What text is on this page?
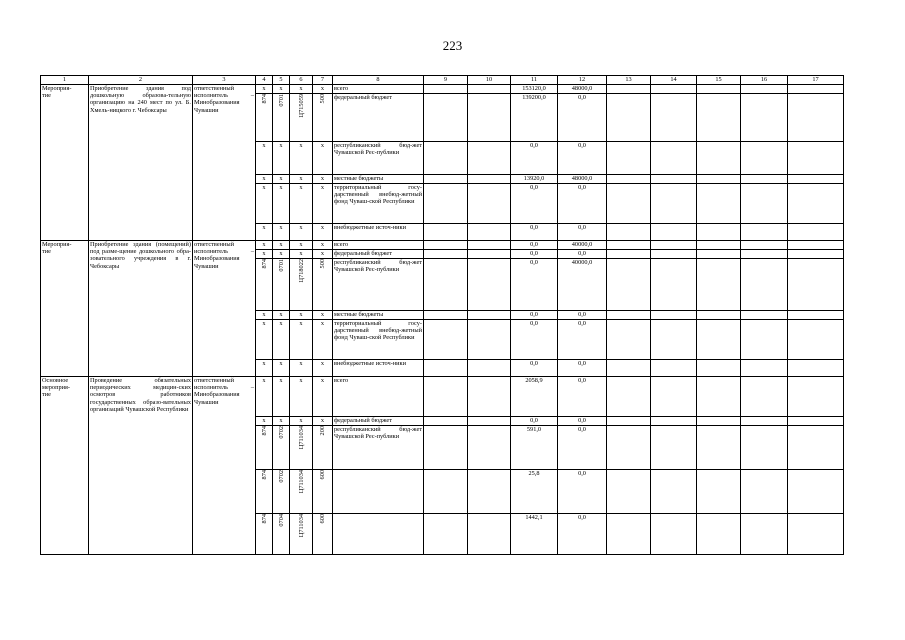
223
1	2	3	4	5	6	7	8	9	10	11	12	13	14	15	16	17
Мероприя-
тие	Приобретение здания под дошкольную образова-тельную организацию на 240 мест по ул. Б. Хмель-ницкого г. Чебоксары	ответственный исполнитель – Минобразования Чувашии	x	x	x	x	всего			153120,0	48000,0					

			874	0701	Ц715059	500	федеральный бюджет			139200,0	0,0					
			x	x	x	x	республиканский бюд-жет Чувашской Рес-публики			0,0	0,0					
			x	x	x	x	местные бюджеты			13920,0	48000,0					
			x	x	x	x	территориальный госу-дарственный внебюд-жетный фонд Чуваш-ской Республики			0,0	0,0					
			x	x	x	x	внебюджетные источ-ники			0,0	0,0					
Мероприя-
тие	Приобретение здания (помещений) под разме-щение дошкольного обра-зовательного учреждения в г. Чебоксары	ответственный исполнитель – Минобразования Чувашии	x	x	x	x	всего			0,0	40000,0					
			x	x	x	x	федеральный бюджет			0,0	0,0					

			874	0701	Ц718022	500	республиканский бюд-жет Чувашской Рес-публики			0,0	40000,0					
			x	x	x	x	местные бюджеты			0,0	0,0					
			x	x	x	x	территориальный госу-дарственный внебюд-жетный фонд Чуваш-ской Республики			0,0	0,0					
			x	x	x	x	внебюджетные источ-ники			0,0	0,0					
Основное
мероприя-
тие	Проведение обязательных периодических медицин-ских осмотров работников государственных образо-вательных организаций Чувашской Республики	ответственный исполнитель – Минобразования Чувашии	x	x	x	x	всего			2058,9	0,0					
			x	x	x	x	федеральный бюджет			0,0	0,0					

			874	0702	Ц711034	200	республиканский бюд-жет Чувашской Рес-публики			591,0	0,0					

			874	0702	Ц711034	600				25,8	0,0					

			874	0704	Ц711034	600				1442,1	0,0					
